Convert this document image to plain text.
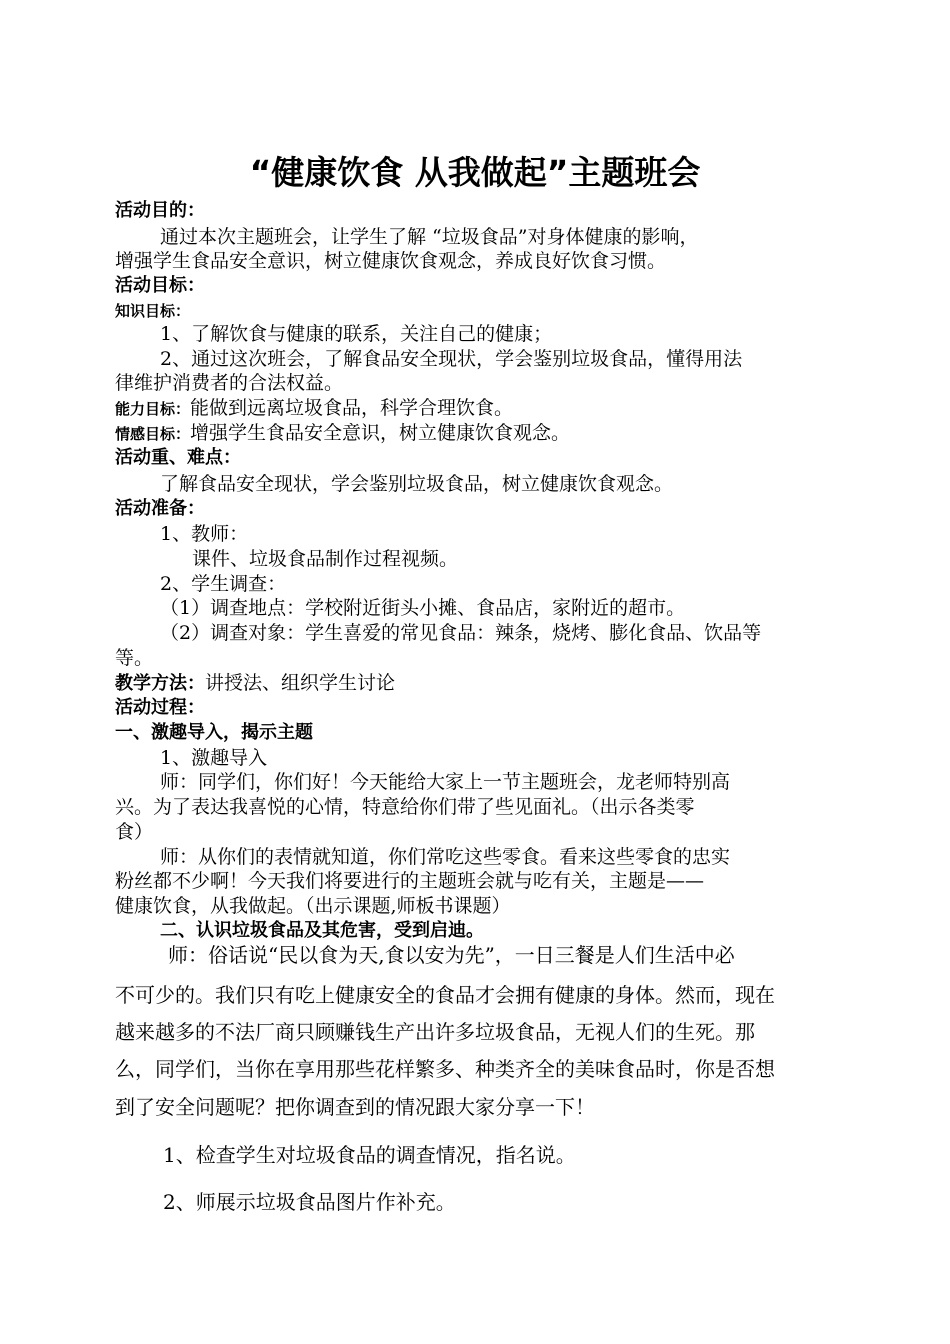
“健康饮食 从我做起”主题班会
活动目的：
通过本次主题班会，让学生了解 “垃圾食品”对身体健康的影响，
增强学生食品安全意识，树立健康饮食观念，养成良好饮食习惯。
活动目标：
知识目标：
1、了解饮食与健康的联系，关注自己的健康；
2、通过这次班会，了解食品安全现状，学会鉴别垃圾食品，懂得用法
律维护消费者的合法权益。
能力目标：能做到远离垃圾食品，科学合理饮食。
情感目标：增强学生食品安全意识，树立健康饮食观念。
活动重、难点：
了解食品安全现状，学会鉴别垃圾食品，树立健康饮食观念。
活动准备：
1、教师：
课件、垃圾食品制作过程视频。
2、学生调查：
（1）调查地点：学校附近街头小摊、食品店，家附近的超市。
（2）调查对象：学生喜爱的常见食品：辣条，烧烤、膨化食品、饮品等
等。
教学方法：讲授法、组织学生讨论
活动过程：
一、激趣导入，揭示主题
1、激趣导入
师：同学们，你们好！今天能给大家上一节主题班会，龙老师特别高
兴。为了表达我喜悦的心情，特意给你们带了些见面礼。（出示各类零
食）
师：从你们的表情就知道，你们常吃这些零食。看来这些零食的忠实
粉丝都不少啊！今天我们将要进行的主题班会就与吃有关，主题是——
健康饮食，从我做起。（出示课题,师板书课题）
二、认识垃圾食品及其危害，受到启迪。
师：俗话说“民以食为天,食以安为先”，一日三餐是人们生活中必
不可少的。我们只有吃上健康安全的食品才会拥有健康的身体。然而，现在
越来越多的不法厂商只顾赚钱生产出许多垃圾食品，无视人们的生死。那
么，同学们，当你在享用那些花样繁多、种类齐全的美味食品时，你是否想
到了安全问题呢？把你调查到的情况跟大家分享一下！
1、检查学生对垃圾食品的调查情况，指名说。
2、师展示垃圾食品图片作补充。
